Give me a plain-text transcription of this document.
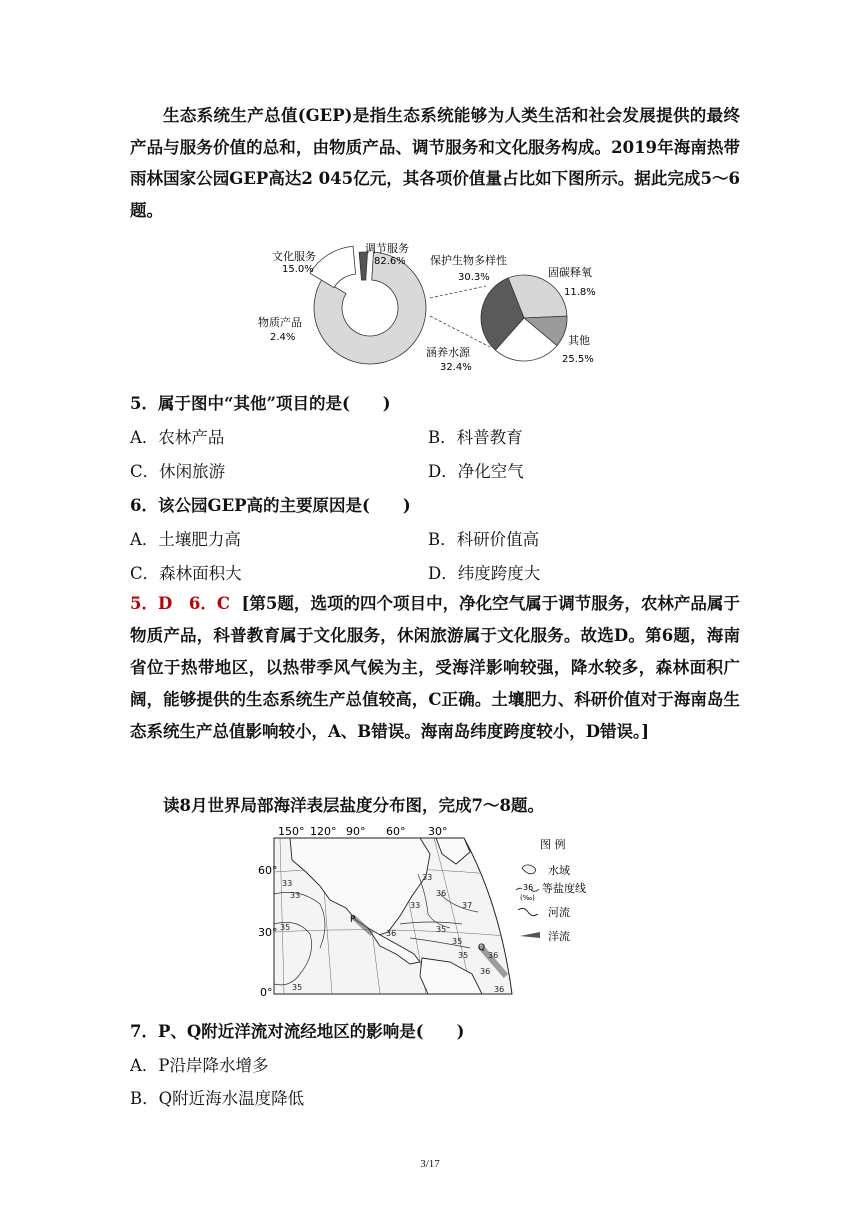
生态系统生产总值(GEP)是指生态系统能够为人类生活和社会发展提供的最终产品与服务价值的总和，由物质产品、调节服务和文化服务构成。2019年海南热带雨林国家公园GEP高达2 045亿元，其各项价值量占比如下图所示。据此完成5～6题。
调节服务
82.6%
文化服务
15.0%
物质产品
2.4%
保护生物多样性
30.3%	固碳释氧
11.8%
其他
25.5%
涵养水源
32.4%
5．属于图中“其他”项目的是(　　)
A．农林产品	B．科普教育
C．休闲旅游	D．净化空气
6．该公园GEP高的主要原因是(　　)
A．土壤肥力高	B．科研价值高
C．森林面积大	D．纬度跨度大
5．D　6．C [第5题，选项的四个项目中，净化空气属于调节服务，农林产品属于物质产品，科普教育属于文化服务，休闲旅游属于文化服务。故选D。第6题，海南省位于热带地区，以热带季风气候为主，受海洋影响较强，降水较多，森林面积广阔，能够提供的生态系统生产总值较高，C正确。土壤肥力、科研价值对于海南岛生态系统生产总值影响较小，A、B错误。海南岛纬度跨度较小，D错误。]
读8月世界局部海洋表层盐度分布图，完成7～8题。
150° 120° 90° 60° 30°
60°
30°
0°
33
33
35
33
36
33	37
36
35
36
35
36
36
35
35
P
Q
图 例
水域
36
(‰)
等盐度线
河流
洋流
7．P、Q附近洋流对流经地区的影响是(　　)
A．P沿岸降水增多
B．Q附近海水温度降低
3/17
